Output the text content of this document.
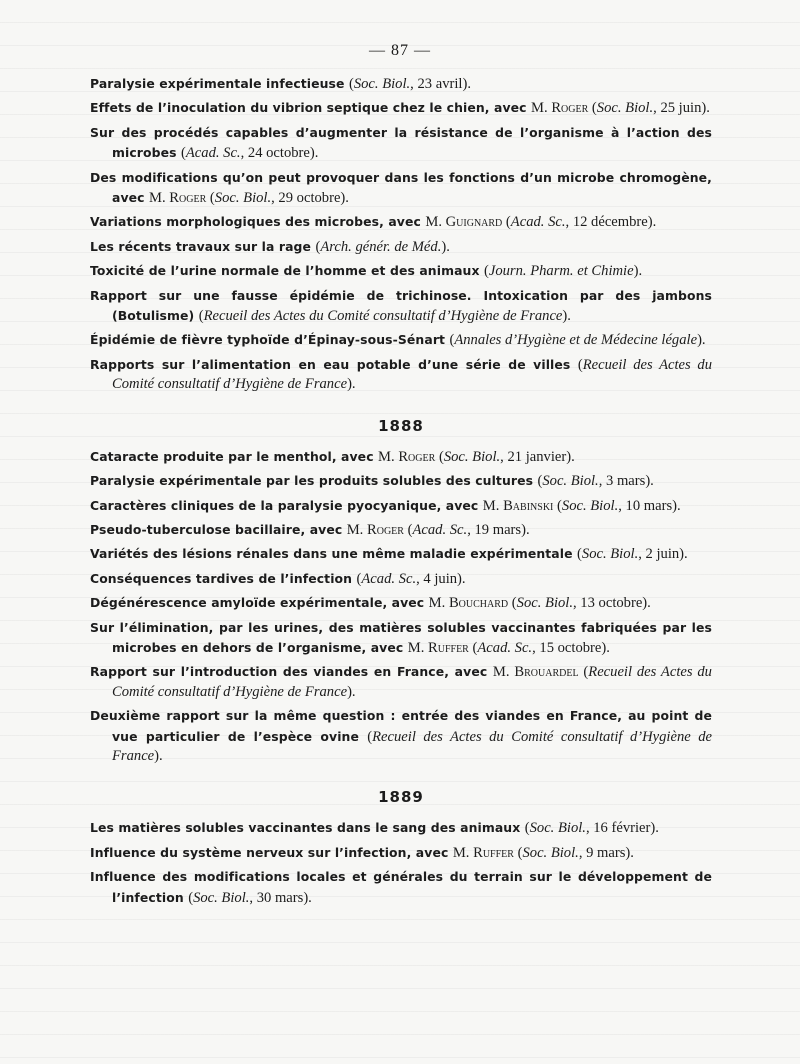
— 87 —
Paralysie expérimentale infectieuse (Soc. Biol., 23 avril).
Effets de l’inoculation du vibrion septique chez le chien, avec M. Roger (Soc. Biol., 25 juin).
Sur des procédés capables d’augmenter la résistance de l’organisme à l’action des microbes (Acad. Sc., 24 octobre).
Des modifications qu’on peut provoquer dans les fonctions d’un microbe chromogène, avec M. Roger (Soc. Biol., 29 octobre).
Variations morphologiques des microbes, avec M. Guignard (Acad. Sc., 12 décembre).
Les récents travaux sur la rage (Arch. génér. de Méd.).
Toxicité de l’urine normale de l’homme et des animaux (Journ. Pharm. et Chimie).
Rapport sur une fausse épidémie de trichinose. Intoxication par des jambons (Botulisme) (Recueil des Actes du Comité consultatif d’Hygiène de France).
Épidémie de fièvre typhoïde d’Épinay-sous-Sénart (Annales d’Hygiène et de Médecine légale).
Rapports sur l’alimentation en eau potable d’une série de villes (Recueil des Actes du Comité consultatif d’Hygiène de France).
1888
Cataracte produite par le menthol, avec M. Roger (Soc. Biol., 21 janvier).
Paralysie expérimentale par les produits solubles des cultures (Soc. Biol., 3 mars).
Caractères cliniques de la paralysie pyocyanique, avec M. Babinski (Soc. Biol., 10 mars).
Pseudo-tuberculose bacillaire, avec M. Roger (Acad. Sc., 19 mars).
Variétés des lésions rénales dans une même maladie expérimentale (Soc. Biol., 2 juin).
Conséquences tardives de l’infection (Acad. Sc., 4 juin).
Dégénérescence amyloïde expérimentale, avec M. Bouchard (Soc. Biol., 13 octobre).
Sur l’élimination, par les urines, des matières solubles vaccinantes fabriquées par les microbes en dehors de l’organisme, avec M. Ruffer (Acad. Sc., 15 octobre).
Rapport sur l’introduction des viandes en France, avec M. Brouardel (Recueil des Actes du Comité consultatif d’Hygiène de France).
Deuxième rapport sur la même question : entrée des viandes en France, au point de vue particulier de l’espèce ovine (Recueil des Actes du Comité consultatif d’Hygiène de France).
1889
Les matières solubles vaccinantes dans le sang des animaux (Soc. Biol., 16 février).
Influence du système nerveux sur l’infection, avec M. Ruffer (Soc. Biol., 9 mars).
Influence des modifications locales et générales du terrain sur le développement de l’infection (Soc. Biol., 30 mars).
